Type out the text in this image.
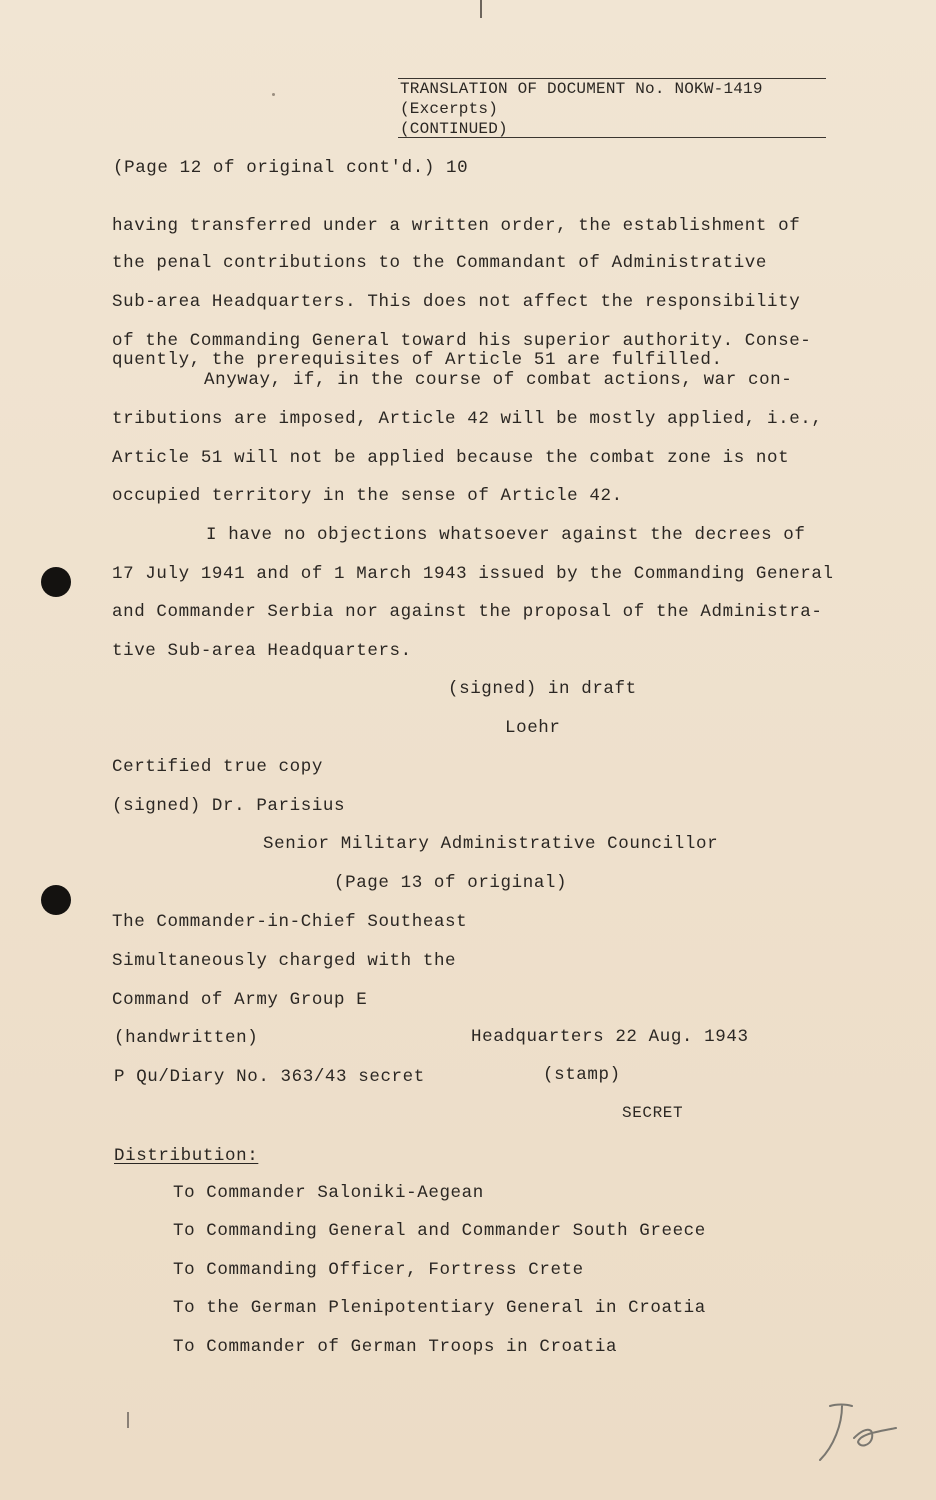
TRANSLATION OF DOCUMENT No. NOKW-1419
(Excerpts)
(CONTINUED)
(Page 12 of original cont'd.) 10
having transferred under a written order, the establishment of
the penal contributions to the Commandant of Administrative
Sub-area Headquarters. This does not affect the responsibility
of the Commanding General toward his superior authority. Conse-
quently, the prerequisites of Article 51 are fulfilled.
Anyway, if, in the course of combat actions, war con-
tributions are imposed, Article 42 will be mostly applied, i.e.,
Article 51 will not be applied because the combat zone is not
occupied territory in the sense of Article 42.
I have no objections whatsoever against the decrees of
17 July 1941 and of 1 March 1943 issued by the Commanding General
and Commander Serbia nor against the proposal of the Administra-
tive Sub-area Headquarters.
(signed) in draft
Loehr
Certified true copy
(signed) Dr. Parisius
Senior Military Administrative Councillor
(Page 13 of original)
The Commander-in-Chief Southeast
Simultaneously charged with the
Command of Army Group E
(handwritten)	Headquarters 22 Aug. 1943
P Qu/Diary No. 363/43 secret	(stamp)
SECRET
Distribution:
To Commander Saloniki-Aegean
To Commanding General and Commander South Greece
To Commanding Officer, Fortress Crete
To the German Plenipotentiary General in Croatia
To Commander of German Troops in Croatia
